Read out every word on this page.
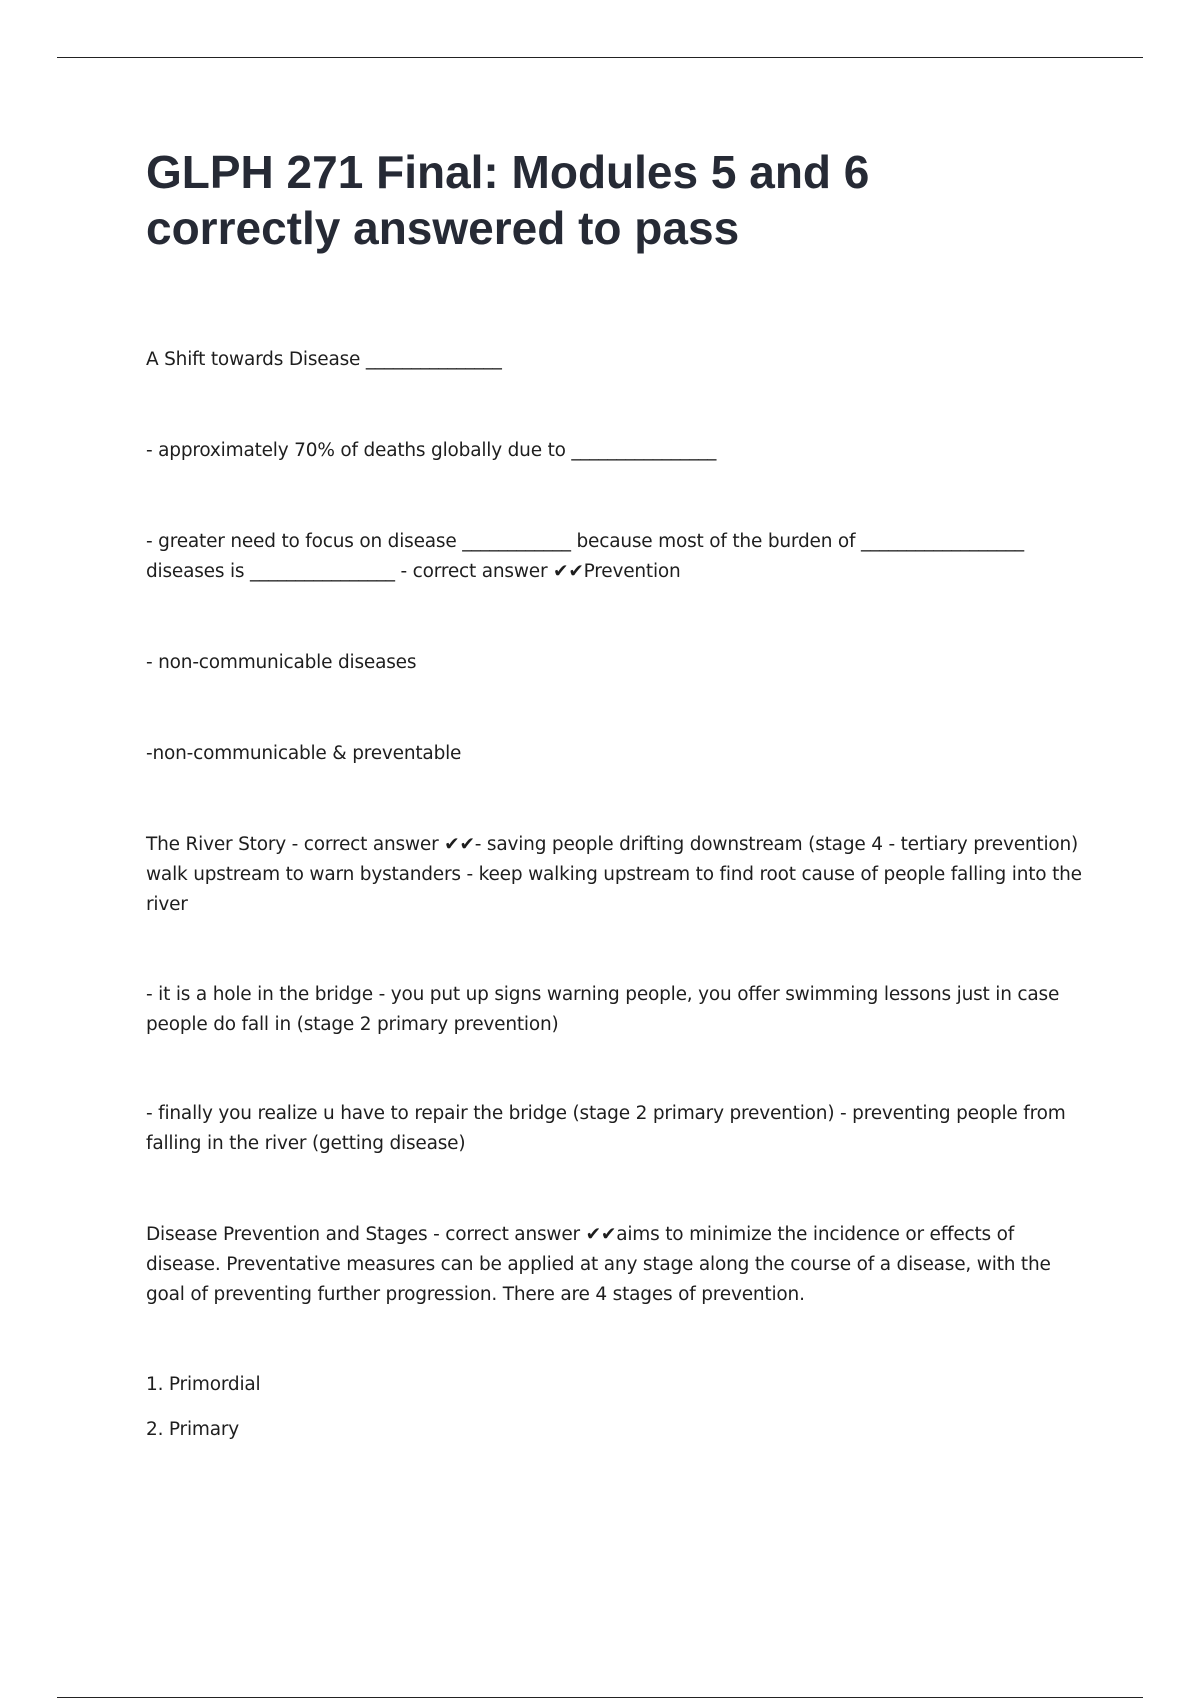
GLPH 271 Final: Modules 5 and 6 correctly answered to pass

A Shift towards Disease _______________

- approximately 70% of deaths globally due to ________________

- greater need to focus on disease ____________ because most of the burden of __________________ diseases is ________________ - correct answer ✔✔Prevention

- non-communicable diseases

-non-communicable & preventable

The River Story - correct answer ✔✔- saving people drifting downstream (stage 4 - tertiary prevention) walk upstream to warn bystanders - keep walking upstream to find root cause of people falling into the river

- it is a hole in the bridge - you put up signs warning people, you offer swimming lessons just in case people do fall in (stage 2 primary prevention)

- finally you realize u have to repair the bridge (stage 2 primary prevention) - preventing people from falling in the river (getting disease)

Disease Prevention and Stages - correct answer ✔✔aims to minimize the incidence or effects of disease. Preventative measures can be applied at any stage along the course of a disease, with the goal of preventing further progression. There are 4 stages of prevention.

1. Primordial

2. Primary
